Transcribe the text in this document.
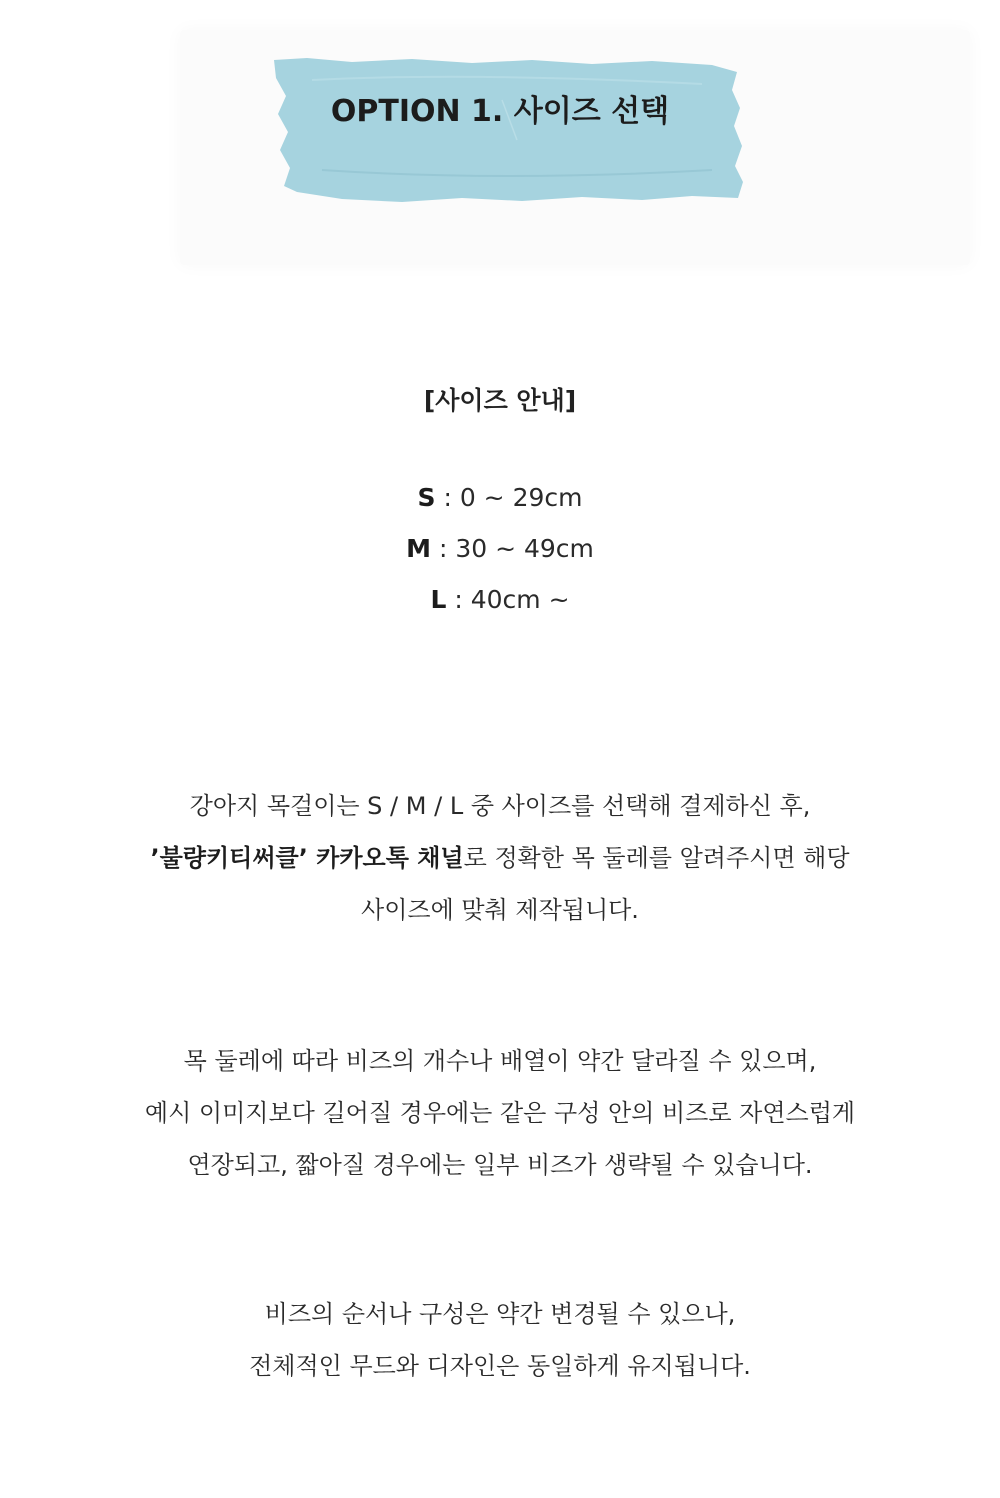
OPTION 1. 사이즈 선택
[사이즈 안내]
S : 0 ~ 29cm
M : 30 ~ 49cm
L : 40cm ~
강아지 목걸이는 S / M / L 중 사이즈를 선택해 결제하신 후,
’불량키티써클’ 카카오톡 채널로 정확한 목 둘레를 알려주시면 해당
사이즈에 맞춰 제작됩니다.
목 둘레에 따라 비즈의 개수나 배열이 약간 달라질 수 있으며,
예시 이미지보다 길어질 경우에는 같은 구성 안의 비즈로 자연스럽게
연장되고, 짧아질 경우에는 일부 비즈가 생략될 수 있습니다.
비즈의 순서나 구성은 약간 변경될 수 있으나,
전체적인 무드와 디자인은 동일하게 유지됩니다.
